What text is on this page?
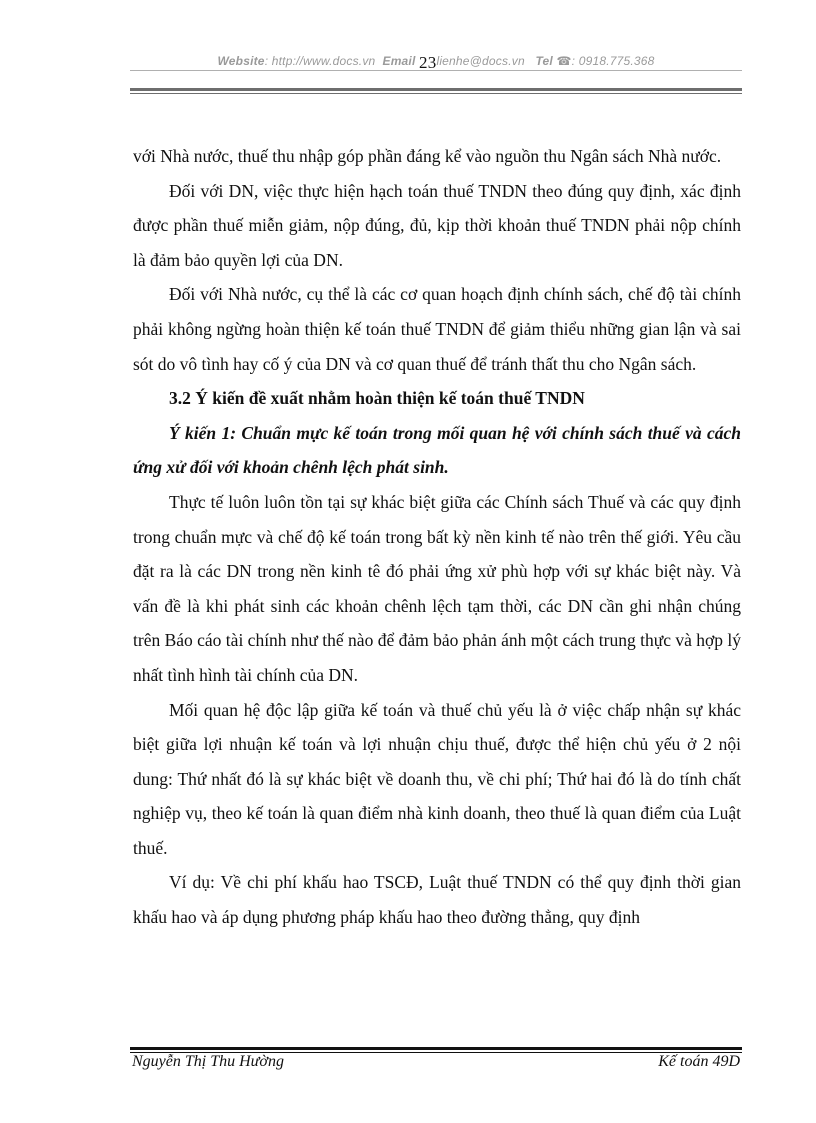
Website: http://www.docs.vn Email 23lienhe@docs.vn Tel ☎: 0918.775.368

với Nhà nước, thuế thu nhập góp phần đáng kể vào nguồn thu Ngân sách Nhà nước.

Đối với DN, việc thực hiện hạch toán thuế TNDN theo đúng quy định, xác định được phần thuế miễn giảm, nộp đúng, đủ, kịp thời khoản thuế TNDN phải nộp chính là đảm bảo quyền lợi của DN.

Đối với Nhà nước, cụ thể là các cơ quan hoạch định chính sách, chế độ tài chính phải không ngừng hoàn thiện kế toán thuế TNDN để giảm thiểu những gian lận và sai sót do vô tình hay cố ý của DN và cơ quan thuế để tránh thất thu cho Ngân sách.

3.2 Ý kiến đề xuất nhằm hoàn thiện kế toán thuế TNDN

Ý kiến 1: Chuẩn mực kế toán trong mối quan hệ với chính sách thuế và cách ứng xử đối với khoản chênh lệch phát sinh.

Thực tế luôn luôn tồn tại sự khác biệt giữa các Chính sách Thuế và các quy định trong chuẩn mực và chế độ kế toán trong bất kỳ nền kinh tế nào trên thế giới. Yêu cầu đặt ra là các DN trong nền kinh tê đó phải ứng xử phù hợp với sự khác biệt này. Và vấn đề là khi phát sinh các khoản chênh lệch tạm thời, các DN cần ghi nhận chúng trên Báo cáo tài chính như thế nào để đảm bảo phản ánh một cách trung thực và hợp lý nhất tình hình tài chính của DN.

Mối quan hệ độc lập giữa kế toán và thuế chủ yếu là ở việc chấp nhận sự khác biệt giữa lợi nhuận kế toán và lợi nhuận chịu thuế, được thể hiện chủ yếu ở 2 nội dung: Thứ nhất đó là sự khác biệt về doanh thu, về chi phí; Thứ hai đó là do tính chất nghiệp vụ, theo kế toán là quan điểm nhà kinh doanh, theo thuế là quan điểm của Luật thuế.

Ví dụ: Về chi phí khấu hao TSCĐ, Luật thuế TNDN có thể quy định thời gian khấu hao và áp dụng phương pháp khấu hao theo đường thẳng, quy định

Nguyễn Thị Thu Hường	Kế toán 49D
